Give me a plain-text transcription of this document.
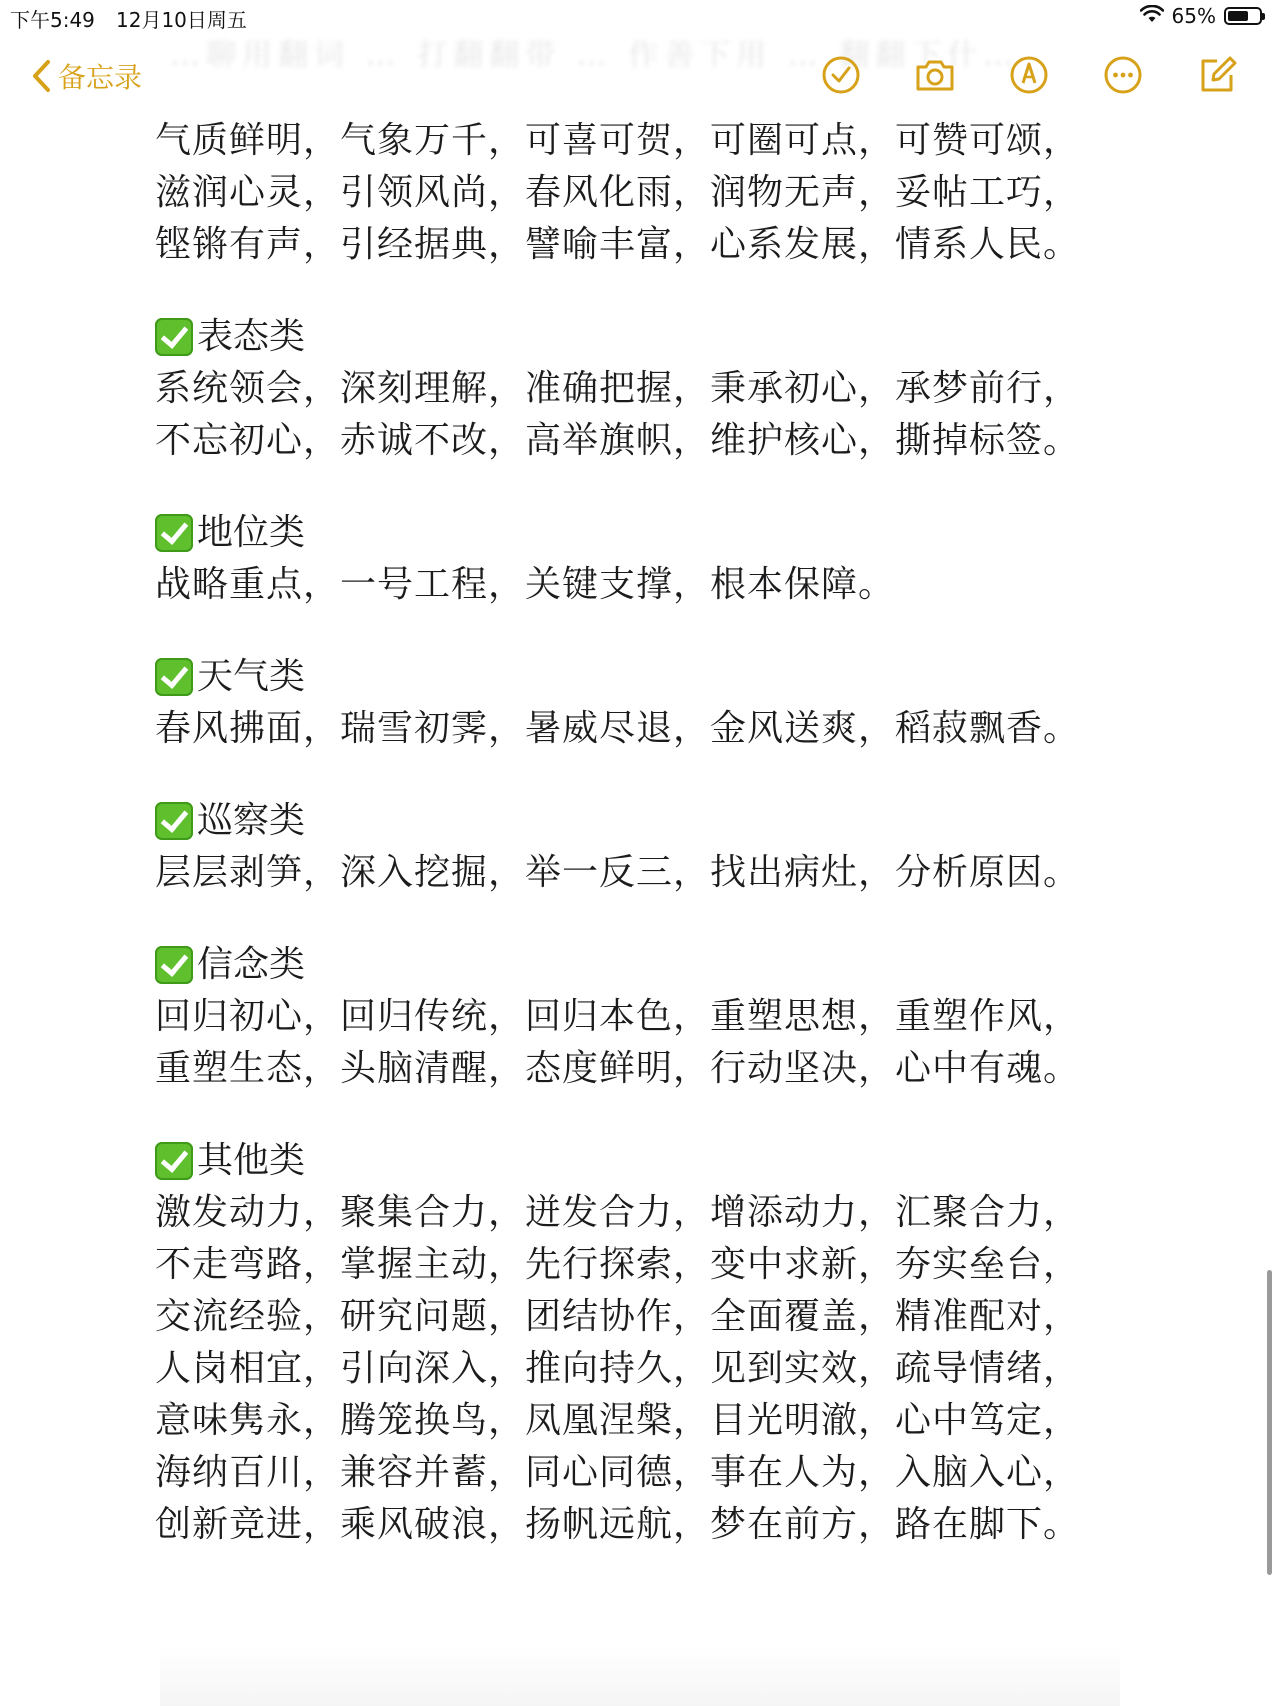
下午5:49 12月10日周五	65%
…聊用翻词 … 打翻翻带 … 作善下用 … 翻翻下什…
备忘录
气质鲜明，气象万千，可喜可贺，可圈可点，可赞可颂，
滋润心灵，引领风尚，春风化雨，润物无声，妥帖工巧，
铿锵有声，引经据典，譬喻丰富，心系发展，情系人民。
表态类
系统领会，深刻理解，准确把握，秉承初心，承梦前行，
不忘初心，赤诚不改，高举旗帜，维护核心，撕掉标签。
地位类
战略重点，一号工程，关键支撑，根本保障。
天气类
春风拂面，瑞雪初霁，暑威尽退，金风送爽，稻菽飘香。
巡察类
层层剥笋，深入挖掘，举一反三，找出病灶，分析原因。
信念类
回归初心，回归传统，回归本色，重塑思想，重塑作风，
重塑生态，头脑清醒，态度鲜明，行动坚决，心中有魂。
其他类
激发动力，聚集合力，迸发合力，增添动力，汇聚合力，
不走弯路，掌握主动，先行探索，变中求新，夯实垒台，
交流经验，研究问题，团结协作，全面覆盖，精准配对，
人岗相宜，引向深入，推向持久，见到实效，疏导情绪，
意味隽永，腾笼换鸟，凤凰涅槃，目光明澈，心中笃定，
海纳百川，兼容并蓄，同心同德，事在人为，入脑入心，
创新竞进，乘风破浪，扬帆远航，梦在前方，路在脚下。
